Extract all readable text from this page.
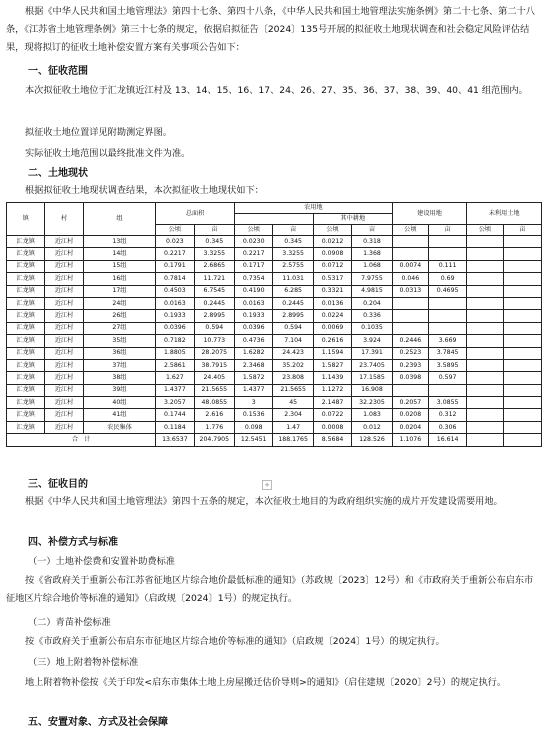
根据《中华人民共和国土地管理法》第四十七条、第四十八条，《中华人民共和国土地管理法实施条例》第二十七条、第二十八条，《江苏省土地管理条例》第三十七条的规定，依据启拟征告〔2024〕135号开展的拟征收土地现状调查和社会稳定风险评估结果，现将拟订的征收土地补偿安置方案有关事项公告如下：

一、征收范围

本次拟征收土地位于汇龙镇近江村及 13、14、15、16、17、24、26、27、35、36、37、38、39、40、41 组范围内。

拟征收土地位置详见附勘测定界图。

实际征收土地范围以最终批准文件为准。

二、土地现状

根据拟征收土地现状调查结果，本次拟征收土地现状如下：

镇	村	组	总面积		农用地				建设用地		未利用土地	
							其中耕地					
			公顷	亩	公顷	亩	公顷	亩	公顷	亩	公顷	亩
汇龙镇	近江村	13组	0.023	0.345	0.0230	0.345	0.0212	0.318				
汇龙镇	近江村	14组	0.2217	3.3255	0.2217	3.3255	0.0908	1.368				
汇龙镇	近江村	15组	0.1791	2.6865	0.1717	2.5755	0.0712	1.068	0.0074	0.111		
汇龙镇	近江村	16组	0.7814	11.721	0.7354	11.031	0.5317	7.9755	0.046	0.69		
汇龙镇	近江村	17组	0.4503	6.7545	0.4190	6.285	0.3321	4.9815	0.0313	0.4695		
汇龙镇	近江村	24组	0.0163	0.2445	0.0163	0.2445	0.0136	0.204				
汇龙镇	近江村	26组	0.1933	2.8995	0.1933	2.8995	0.0224	0.336				
汇龙镇	近江村	27组	0.0396	0.594	0.0396	0.594	0.0069	0.1035				
汇龙镇	近江村	35组	0.7182	10.773	0.4736	7.104	0.2616	3.924	0.2446	3.669		
汇龙镇	近江村	36组	1.8805	28.2075	1.6282	24.423	1.1594	17.391	0.2523	3.7845		
汇龙镇	近江村	37组	2.5861	38.7915	2.3468	35.202	1.5827	23.7405	0.2393	3.5895		
汇龙镇	近江村	38组	1.627	24.405	1.5872	23.808	1.1439	17.1585	0.0398	0.597		
汇龙镇	近江村	39组	1.4377	21.5655	1.4377	21.5655	1.1272	16.908				
汇龙镇	近江村	40组	3.2057	48.0855	3	45	2.1487	32.2305	0.2057	3.0855		
汇龙镇	近江村	41组	0.1744	2.616	0.1536	2.304	0.0722	1.083	0.0208	0.312		
汇龙镇	近江村	农民集体	0.1184	1.776	0.098	1.47	0.0008	0.012	0.0204	0.306		
合　计			13.6537	204.7905	12.5451	188.1765	8.5684	128.526	1.1076	16.614		
+

三、征收目的

根据《中华人民共和国土地管理法》第四十五条的规定，本次征收土地目的为政府组织实施的成片开发建设需要用地。

四、补偿方式与标准

（一）土地补偿费和安置补助费标准

按《省政府关于重新公布江苏省征地区片综合地价最低标准的通知》（苏政规〔2023〕12号）和《市政府关于重新公布启东市征地区片综合地价等标准的通知》（启政规〔2024〕1号）的规定执行。

（二）青苗补偿标准

按《市政府关于重新公布启东市征地区片综合地价等标准的通知》（启政规〔2024〕1号）的规定执行。

（三）地上附着物补偿标准

地上附着物补偿按《关于印发<启东市集体土地上房屋搬迁估价导则>的通知》（启住建规〔2020〕2号）的规定执行。

五、安置对象、方式及社会保障
